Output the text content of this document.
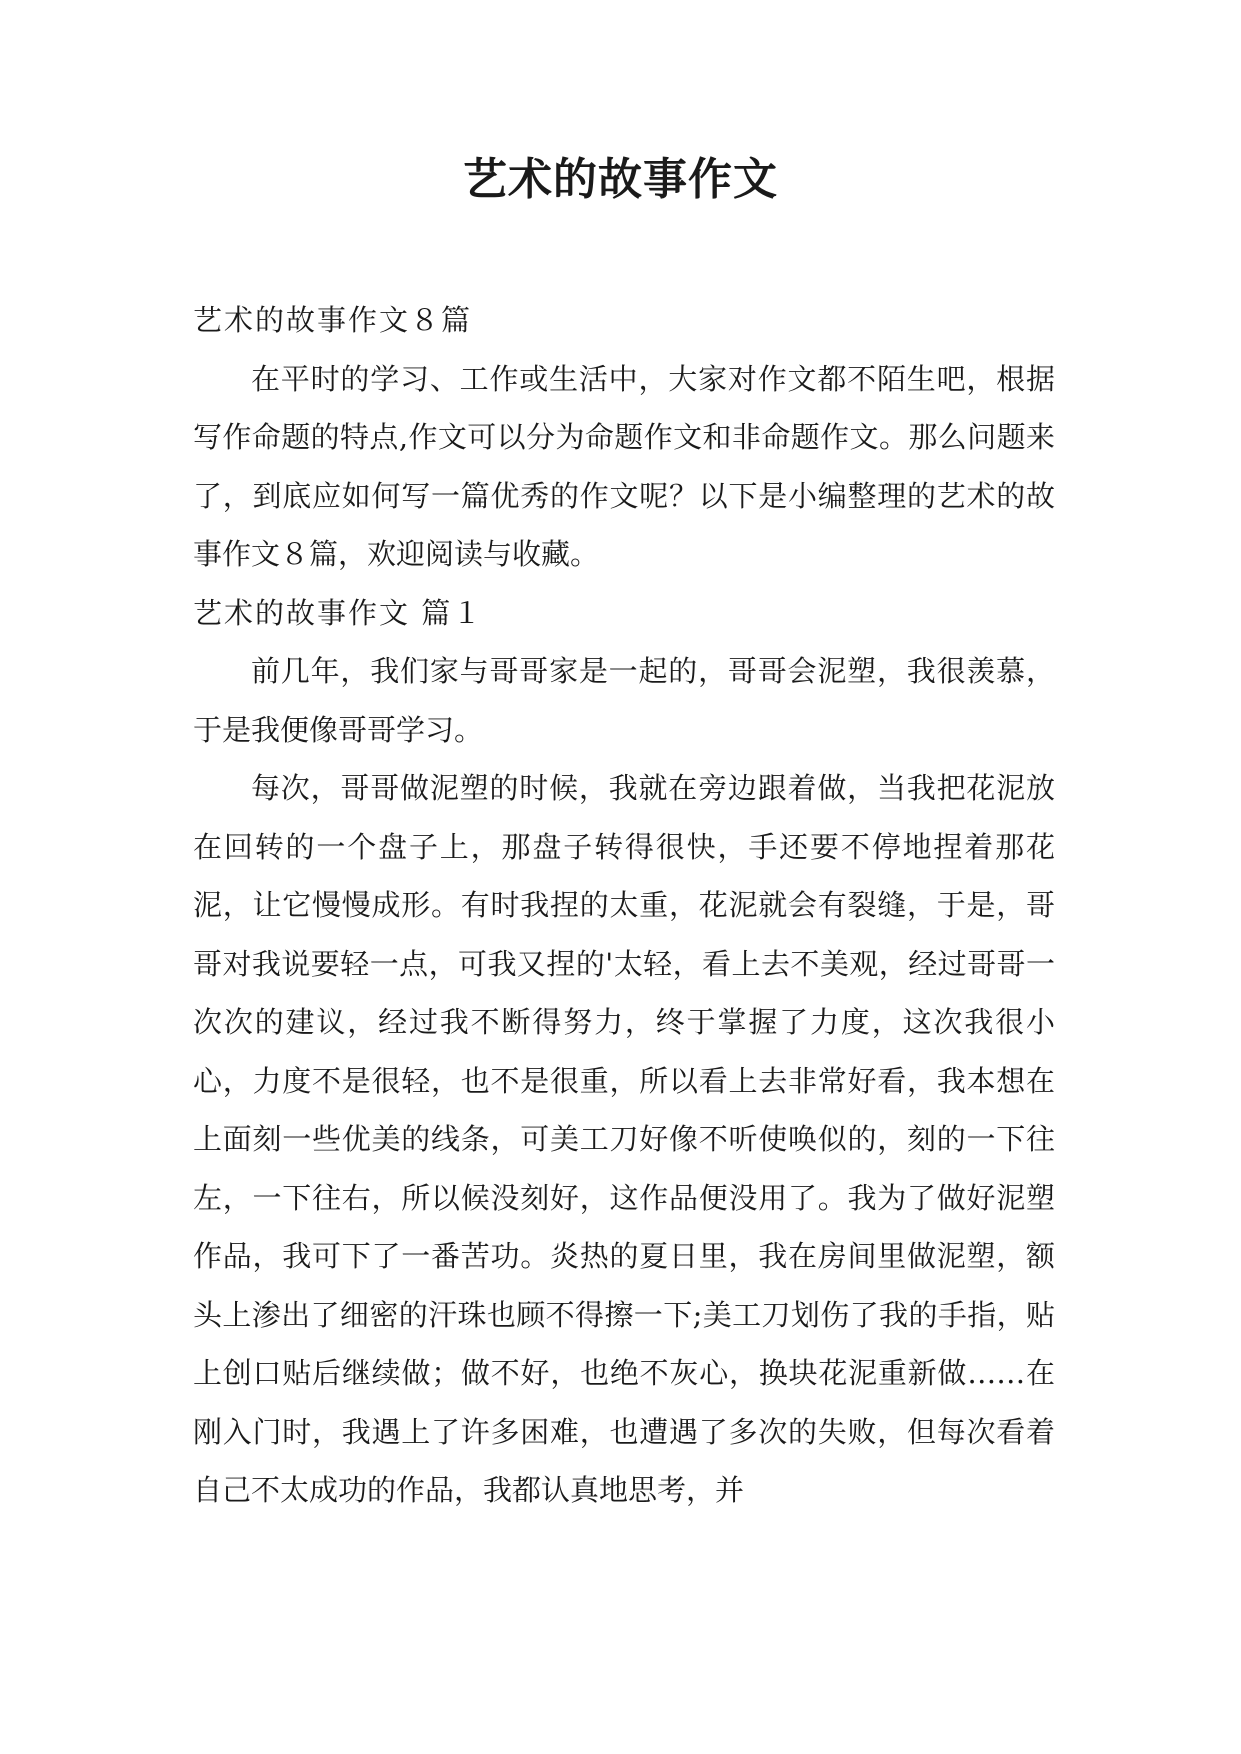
艺术的故事作文

艺术的故事作文８篇

在平时的学习、工作或生活中，大家对作文都不陌生吧，根据写作命题的特点,作文可以分为命题作文和非命题作文。那么问题来了，到底应如何写一篇优秀的作文呢？以下是小编整理的艺术的故事作文８篇，欢迎阅读与收藏。

艺术的故事作文 篇１

前几年，我们家与哥哥家是一起的，哥哥会泥塑，我很羡慕，于是我便像哥哥学习。

每次，哥哥做泥塑的时候，我就在旁边跟着做，当我把花泥放在回转的一个盘子上，那盘子转得很快，手还要不停地捏着那花泥，让它慢慢成形。有时我捏的太重，花泥就会有裂缝，于是，哥哥对我说要轻一点，可我又捏的'太轻，看上去不美观，经过哥哥一次次的建议，经过我不断得努力，终于掌握了力度，这次我很小心，力度不是很轻，也不是很重，所以看上去非常好看，我本想在上面刻一些优美的线条，可美工刀好像不听使唤似的，刻的一下往左，一下往右，所以候没刻好，这作品便没用了。我为了做好泥塑作品，我可下了一番苦功。炎热的夏日里，我在房间里做泥塑，额头上渗出了细密的汗珠也顾不得擦一下;美工刀划伤了我的手指，贴上创口贴后继续做；做不好，也绝不灰心，换块花泥重新做……在刚入门时，我遇上了许多困难，也遭遇了多次的失败，但每次看着自己不太成功的作品，我都认真地思考，并
